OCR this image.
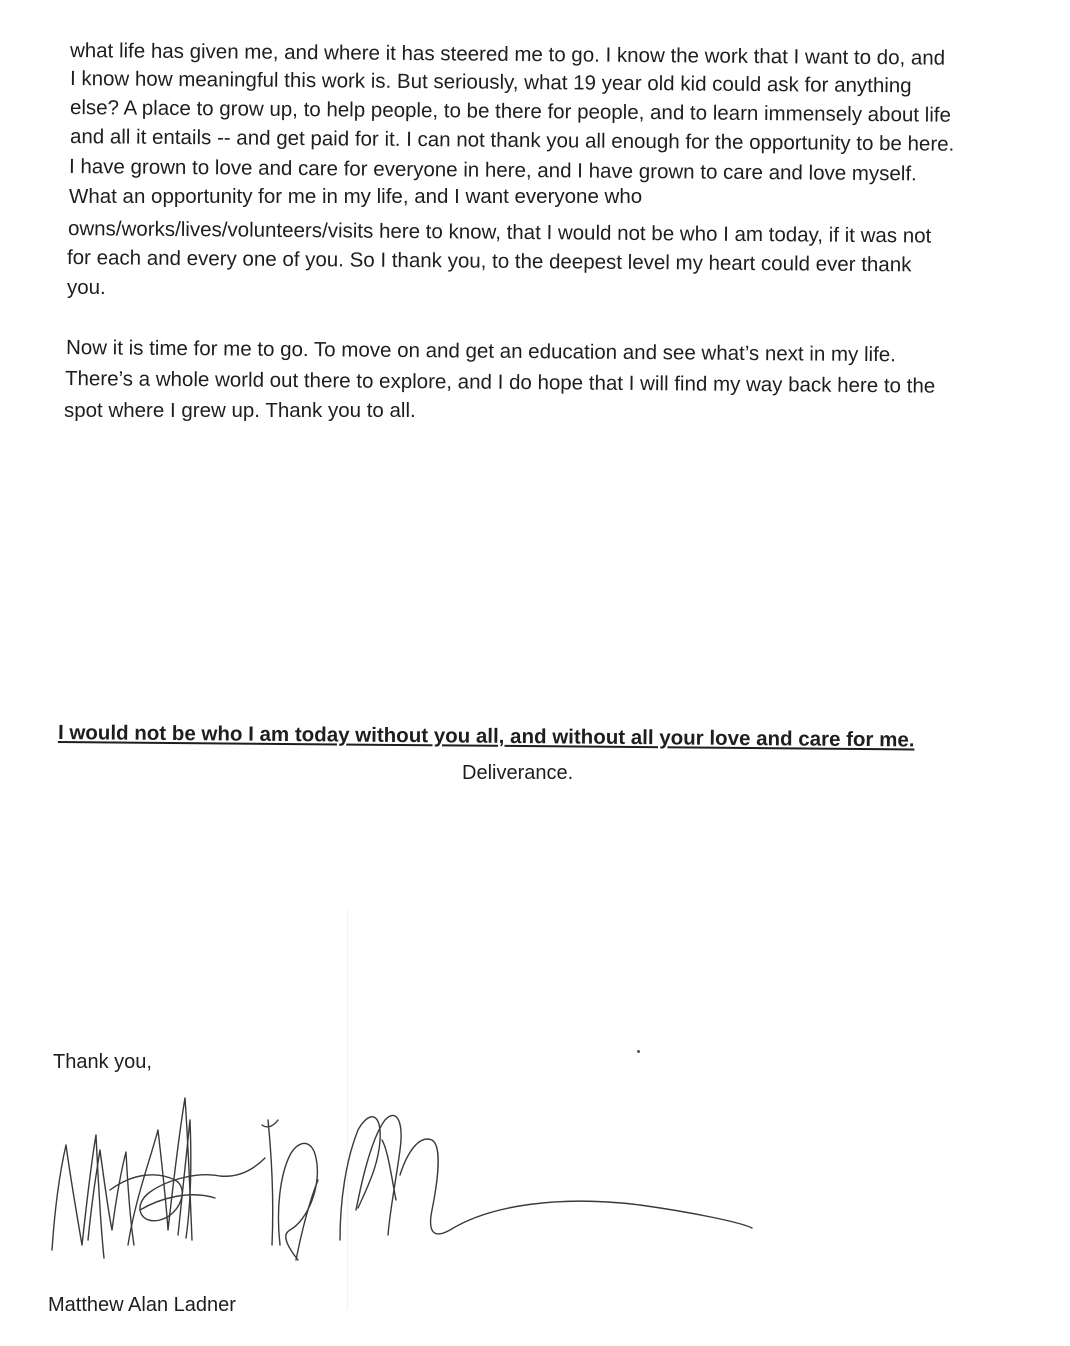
what life has given me, and where it has steered me to go. I know the work that I want to do, and

I know how meaningful this work is. But seriously, what 19 year old kid could ask for anything

else? A place to grow up, to help people, to be there for people, and to learn immensely about life

and all it entails -- and get paid for it. I can not thank you all enough for the opportunity to be here.

I have grown to love and care for everyone in here, and I have grown to care and love myself.

What an opportunity for me in my life, and I want everyone who

owns/works/lives/volunteers/visits here to know, that I would not be who I am today, if it was not

for each and every one of you. So I thank you, to the deepest level my heart could ever thank

you.

Now it is time for me to go. To move on and get an education and see what’s next in my life.

There’s a whole world out there to explore, and I do hope that I will find my way back here to the

spot where I grew up. Thank you to all.

I would not be who I am today without you all, and without all your love and care for me.
Deliverance.
Thank you,
Matthew Alan Ladner
